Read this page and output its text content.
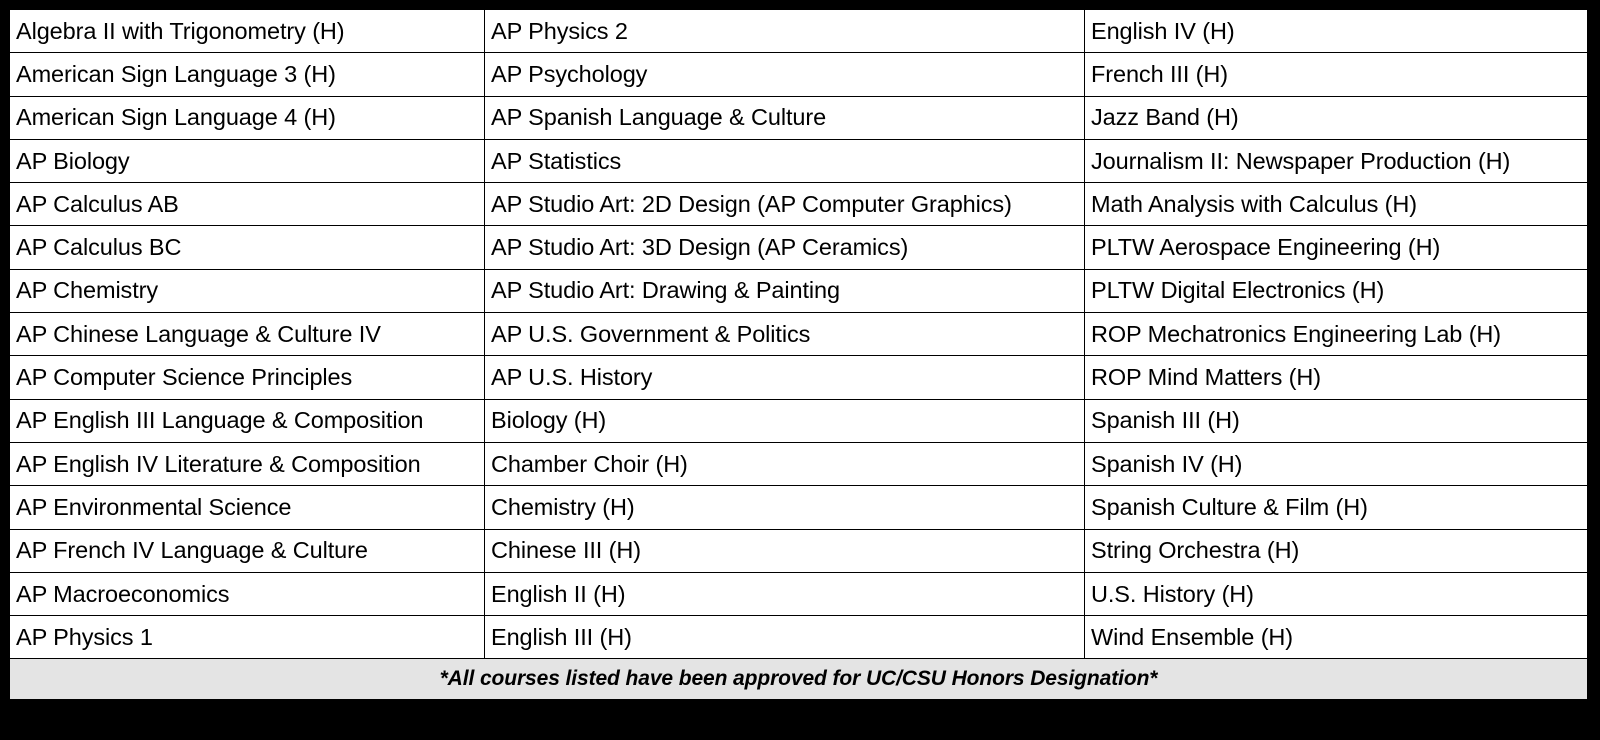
Algebra II with Trigonometry (H)	AP Physics 2	English IV (H)
American Sign Language 3 (H)	AP Psychology	French III (H)
American Sign Language 4 (H)	AP Spanish Language & Culture	Jazz Band (H)
AP Biology	AP Statistics	Journalism II: Newspaper Production (H)
AP Calculus AB	AP Studio Art: 2D Design (AP Computer Graphics)	Math Analysis with Calculus (H)
AP Calculus BC	AP Studio Art: 3D Design (AP Ceramics)	PLTW Aerospace Engineering (H)
AP Chemistry	AP Studio Art: Drawing & Painting	PLTW Digital Electronics (H)
AP Chinese Language & Culture IV	AP U.S. Government & Politics	ROP Mechatronics Engineering Lab (H)
AP Computer Science Principles	AP U.S. History	ROP Mind Matters (H)
AP English III Language & Composition	Biology (H)	Spanish III (H)
AP English IV Literature & Composition	Chamber Choir (H)	Spanish IV (H)
AP Environmental Science	Chemistry (H)	Spanish Culture & Film (H)
AP French IV Language & Culture	Chinese III (H)	String Orchestra (H)
AP Macroeconomics	English II (H)	U.S. History (H)
AP Physics 1	English III (H)	Wind Ensemble (H)
*All courses listed have been approved for UC/CSU Honors Designation*		
